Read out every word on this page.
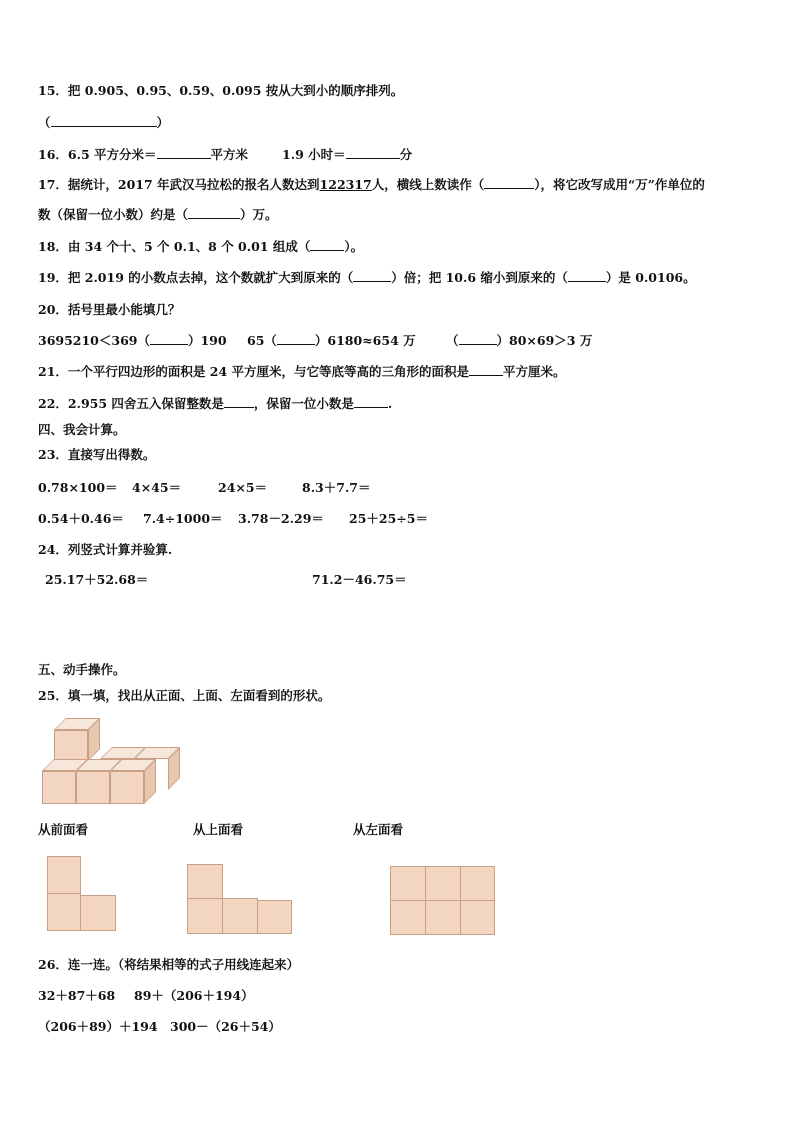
15．把 0.905、0.95、0.59、0.095 按从大到小的顺序排列。
（	）
16．6.5 平方分米＝	平方米	1.9 小时＝	分
17．据统计，2017 年武汉马拉松的报名人数达到122317人，横线上数读作（	），将它改写成用“万”作单位的
数（保留一位小数）约是（	）万。
18．由 34 个十、5 个 0.1、8 个 0.01 组成（	）。
19．把 2.019 的小数点去掉，这个数就扩大到原来的（	）倍；把 10.6 缩小到原来的（	）是 0.0106。
20．括号里最小能填几？
3695210＜369（	）190 65（	）6180≈654 万 （	）80×69＞3 万
21．一个平行四边形的面积是 24 平方厘米，与它等底等高的三角形的面积是	平方厘米。
22．2.955 四舍五入保留整数是 ，保留一位小数是	.
四、我会计算。
23．直接写出得数。
0.78×100＝ 4×45＝	24×5＝	8.3＋7.7＝
0.54＋0.46＝ 7.4÷1000＝ 3.78－2.29＝ 25＋25÷5＝
24．列竖式计算并验算.
25.17＋52.68＝	71.2－46.75＝
五、动手操作。
25．填一填，找出从正面、上面、左面看到的形状。
从前面看	从上面看	从左面看
26．连一连。（将结果相等的式子用线连起来）
32＋87＋68 89＋（206＋194）
（206＋89）＋194 300－（26＋54）
